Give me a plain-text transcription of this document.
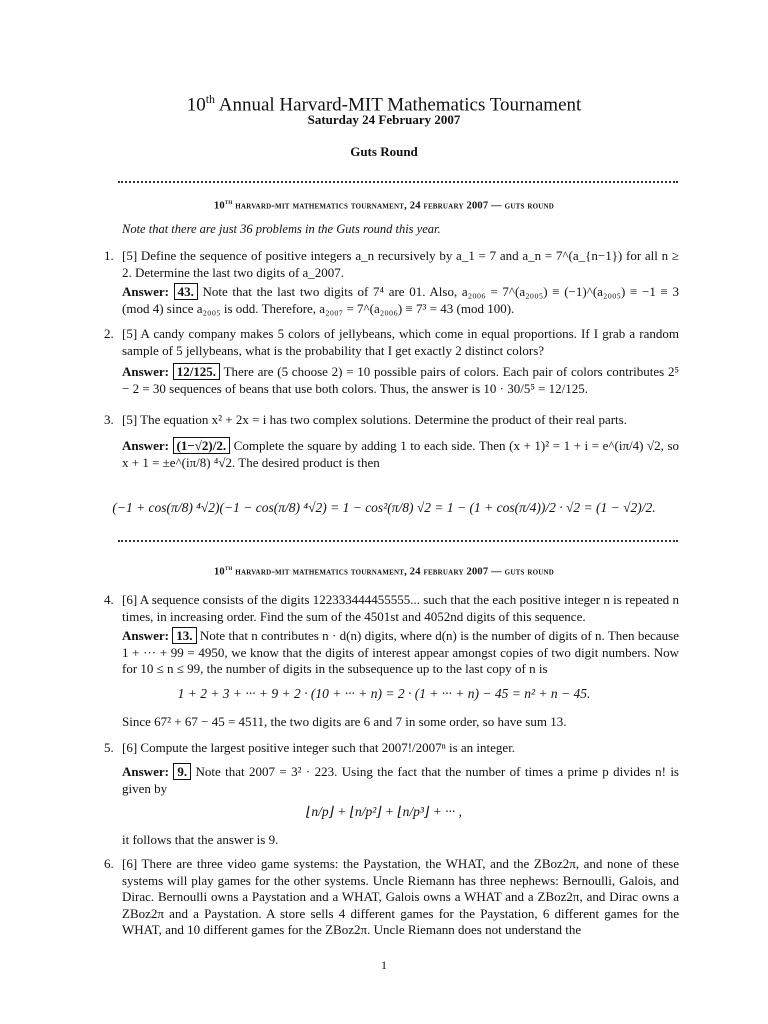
10th Annual Harvard-MIT Mathematics Tournament
Saturday 24 February 2007
Guts Round
10th harvard-mit mathematics tournament, 24 february 2007 — guts round
Note that there are just 36 problems in the Guts round this year.
1. [5] Define the sequence of positive integers a_n recursively by a_1 = 7 and a_n = 7^(a_{n−1}) for all n ≥ 2. Determine the last two digits of a_2007.
Answer: 43. Note that the last two digits of 7⁴ are 01. Also, a₂₀₀₆ = 7^(a₂₀₀₅) ≡ (−1)^(a₂₀₀₅) ≡ −1 ≡ 3 (mod 4) since a₂₀₀₅ is odd. Therefore, a₂₀₀₇ = 7^(a₂₀₀₆) ≡ 7³ = 43 (mod 100).
2. [5] A candy company makes 5 colors of jellybeans, which come in equal proportions. If I grab a random sample of 5 jellybeans, what is the probability that I get exactly 2 distinct colors?
Answer: 12/125. There are (5 choose 2) = 10 possible pairs of colors. Each pair of colors contributes 2⁵ − 2 = 30 sequences of beans that use both colors. Thus, the answer is 10 · 30/5⁵ = 12/125.
3. [5] The equation x² + 2x = i has two complex solutions. Determine the product of their real parts.
Answer: (1−√2)/2. Complete the square by adding 1 to each side. Then (x + 1)² = 1 + i = e^(iπ/4) √2, so x + 1 = ±e^(iπ/8) ⁴√2. The desired product is then
(−1 + cos(π/8) ⁴√2)(−1 − cos(π/8) ⁴√2) = 1 − cos²(π/8) √2 = 1 − (1 + cos(π/4))/2 · √2 = (1 − √2)/2.
10th harvard-mit mathematics tournament, 24 february 2007 — guts round
4. [6] A sequence consists of the digits 122333444455555... such that the each positive integer n is repeated n times, in increasing order. Find the sum of the 4501st and 4052nd digits of this sequence.
Answer: 13. Note that n contributes n · d(n) digits, where d(n) is the number of digits of n. Then because 1 + ··· + 99 = 4950, we know that the digits of interest appear amongst copies of two digit numbers. Now for 10 ≤ n ≤ 99, the number of digits in the subsequence up to the last copy of n is
1 + 2 + 3 + ··· + 9 + 2 · (10 + ··· + n) = 2 · (1 + ··· + n) − 45 = n² + n − 45.
Since 67² + 67 − 45 = 4511, the two digits are 6 and 7 in some order, so have sum 13.
5. [6] Compute the largest positive integer such that 2007!/2007ⁿ is an integer.
Answer: 9. Note that 2007 = 3² · 223. Using the fact that the number of times a prime p divides n! is given by
⌊n/p⌋ + ⌊n/p²⌋ + ⌊n/p³⌋ + ··· ,
it follows that the answer is 9.
6. [6] There are three video game systems: the Paystation, the WHAT, and the ZBoz2π, and none of these systems will play games for the other systems. Uncle Riemann has three nephews: Bernoulli, Galois, and Dirac. Bernoulli owns a Paystation and a WHAT, Galois owns a WHAT and a ZBoz2π, and Dirac owns a ZBoz2π and a Paystation. A store sells 4 different games for the Paystation, 6 different games for the WHAT, and 10 different games for the ZBoz2π. Uncle Riemann does not understand the
1
